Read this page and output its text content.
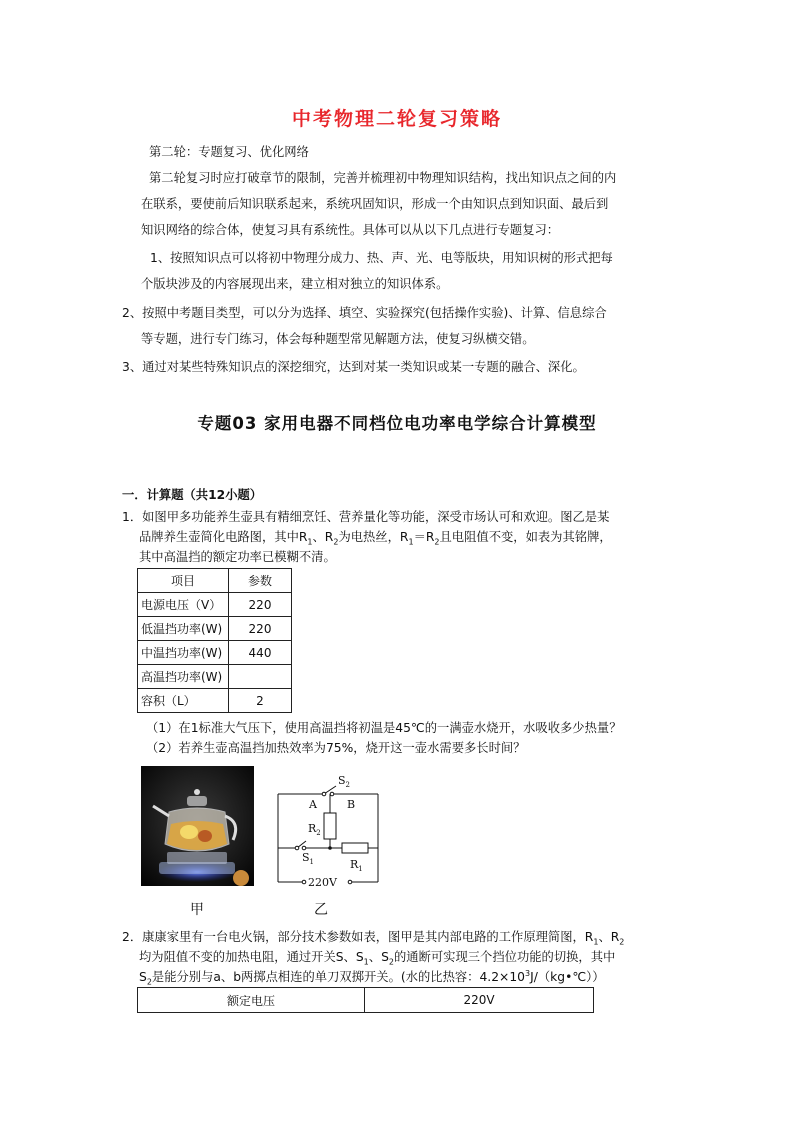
中考物理二轮复习策略
第二轮：专题复习、优化网络
第二轮复习时应打破章节的限制，完善并梳理初中物理知识结构，找出知识点之间的内
在联系，要使前后知识联系起来，系统巩固知识，形成一个由知识点到知识面、最后到
知识网络的综合体，使复习具有系统性。具体可以从以下几点进行专题复习：
1、按照知识点可以将初中物理分成力、热、声、光、电等版块，用知识树的形式把每
个版块涉及的内容展现出来，建立相对独立的知识体系。
2、按照中考题目类型，可以分为选择、填空、实验探究(包括操作实验)、计算、信息综合
等专题，进行专门练习，体会每种题型常见解题方法，使复习纵横交错。
3、通过对某些特殊知识点的深挖细究，达到对某一类知识或某一专题的融合、深化。
专题03 家用电器不同档位电功率电学综合计算模型
一．计算题（共12小题）
1．如图甲多功能养生壶具有精细烹饪、营养量化等功能，深受市场认可和欢迎。图乙是某
品牌养生壶简化电路图，其中$R_1$、$R_2$为电热丝，$R_1=R_2$且电阻值不变，如表为其铭牌，
其中高温挡的额定功率已模糊不清。
项目	参数
电源电压（V）	220
低温挡功率(W)	220
中温挡功率(W)	440
高温挡功率(W)	
容积（L）	2
（1）在1标准大气压下，使用高温挡将初温是45℃的一满壶水烧开，水吸收多少热量？
（2）若养生壶高温挡加热效率为75%，烧开这一壶水需要多长时间？
$S_2$
A	B
$R_2$
$S_1$	$R_1$
220V
甲	乙
2．康康家里有一台电火锅，部分技术参数如表，图甲是其内部电路的工作原理简图，$R_1$、$R_2$
均为阻值不变的加热电阻，通过开关S、$S_1$、$S_2$的通断可实现三个挡位功能的切换，其中
$S_2$是能分别与a、b两掷点相连的单刀双掷开关。(水的比热容：$4.2\times 10^3J/(kg•℃)$）
额定电压	220V
